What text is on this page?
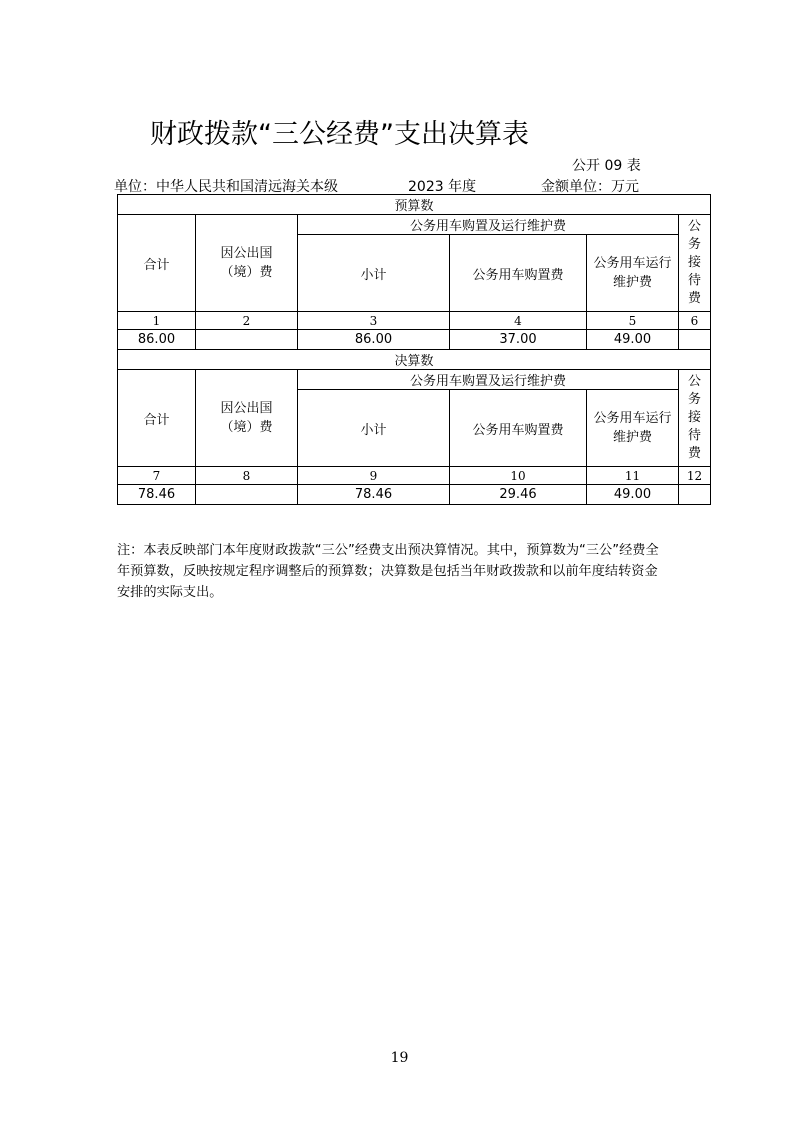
财政拨款“三公经费”支出决算表
公开 09 表
单位：中华人民共和国清远海关本级	2023 年度	金额单位：万元
预算数					
合计	因公出国（境）费	公务用车购置及运行维护费			公务接待费
		小计	公务用车购置费	公务用车运行维护费	
1	2	3	4	5	6
86.00		86.00	37.00	49.00	
决算数					
合计	因公出国（境）费	公务用车购置及运行维护费			公务接待费
		小计	公务用车购置费	公务用车运行维护费	
7	8	9	10	11	12
78.46		78.46	29.46	49.00	
注：本表反映部门本年度财政拨款“三公”经费支出预决算情况。其中，预算数为“三公”经费全年预算数，反映按规定程序调整后的预算数；决算数是包括当年财政拨款和以前年度结转资金安排的实际支出。
19
